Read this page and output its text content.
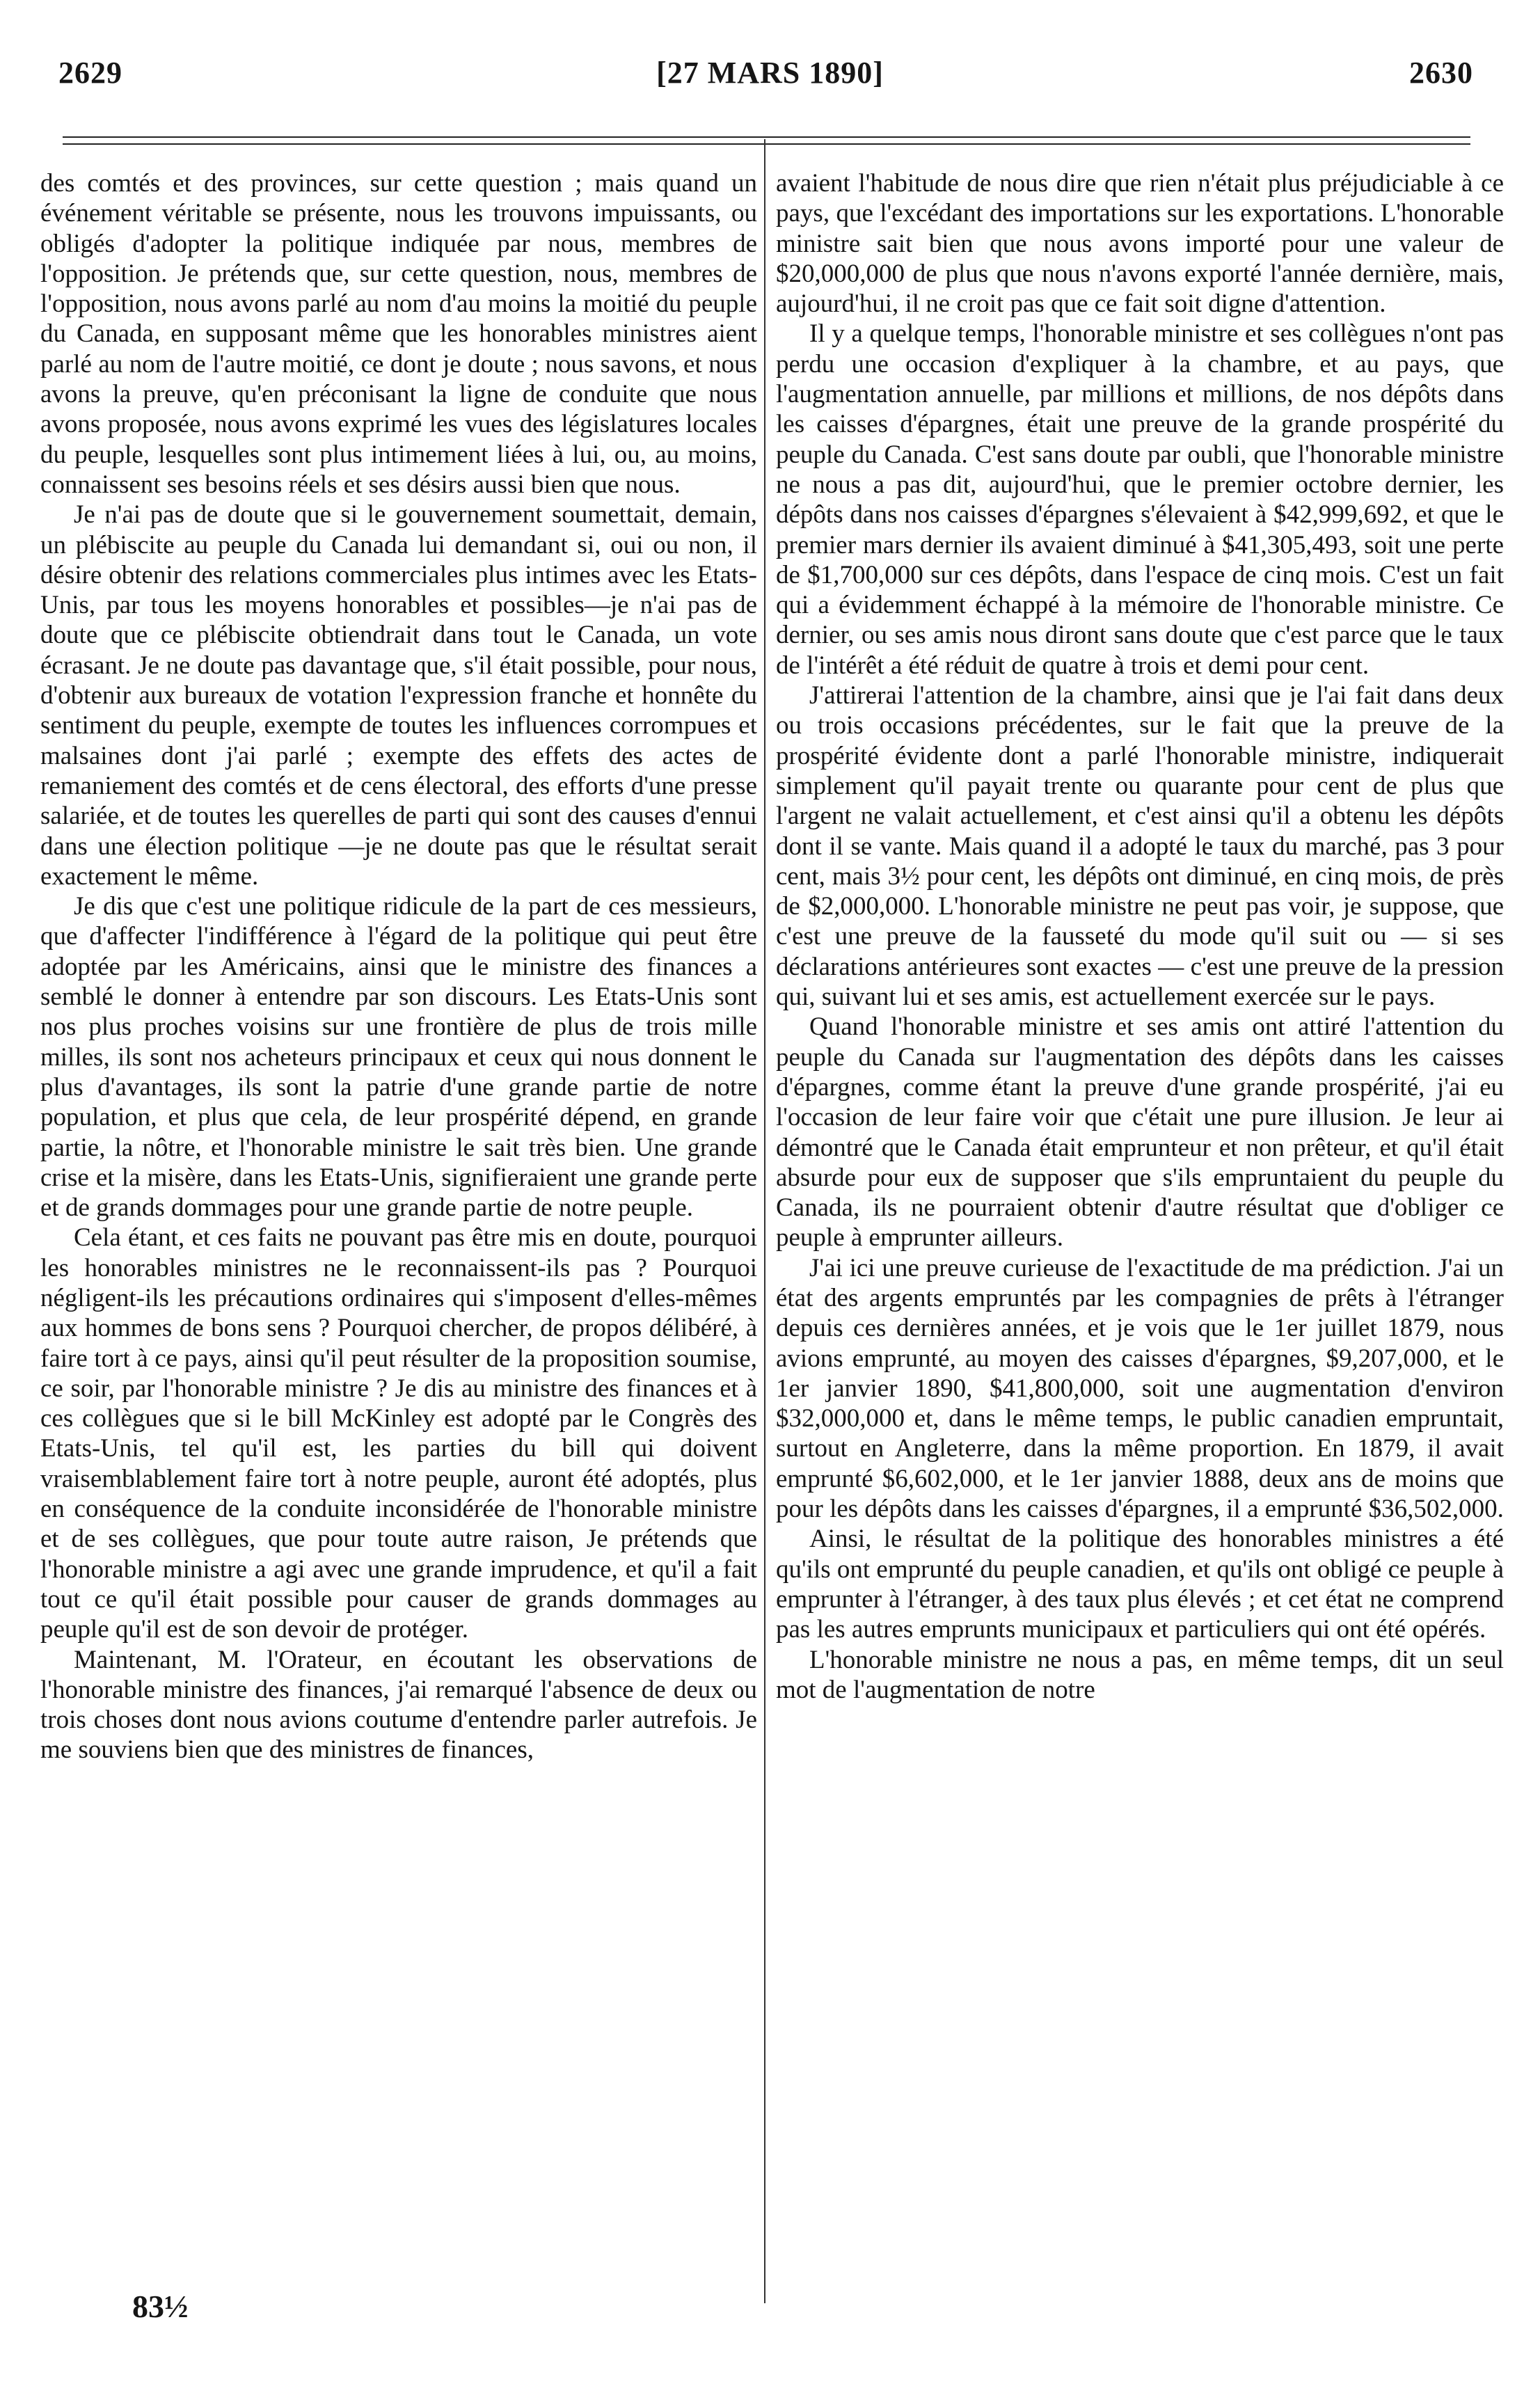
2629	[27 MARS 1890]	2630

des comtés et des provinces, sur cette question ; mais quand un événement véritable se présente, nous les trouvons impuissants, ou obligés d'adopter la politique indiquée par nous, membres de l'opposition. Je prétends que, sur cette question, nous, membres de l'opposition, nous avons parlé au nom d'au moins la moitié du peuple du Canada, en supposant même que les honorables ministres aient parlé au nom de l'autre moitié, ce dont je doute ; nous savons, et nous avons la preuve, qu'en préconisant la ligne de conduite que nous avons proposée, nous avons exprimé les vues des législatures locales du peuple, lesquelles sont plus intimement liées à lui, ou, au moins, connaissent ses besoins réels et ses désirs aussi bien que nous.

Je n'ai pas de doute que si le gouvernement soumettait, demain, un plébiscite au peuple du Canada lui demandant si, oui ou non, il désire obtenir des relations commerciales plus intimes avec les Etats-Unis, par tous les moyens honorables et possibles—je n'ai pas de doute que ce plébiscite obtiendrait dans tout le Canada, un vote écrasant. Je ne doute pas davantage que, s'il était possible, pour nous, d'obtenir aux bureaux de votation l'expression franche et honnête du sentiment du peuple, exempte de toutes les influences corrompues et malsaines dont j'ai parlé ; exempte des effets des actes de remaniement des comtés et de cens électoral, des efforts d'une presse salariée, et de toutes les querelles de parti qui sont des causes d'ennui dans une élection politique —je ne doute pas que le résultat serait exactement le même.

Je dis que c'est une politique ridicule de la part de ces messieurs, que d'affecter l'indifférence à l'égard de la politique qui peut être adoptée par les Américains, ainsi que le ministre des finances a semblé le donner à entendre par son discours. Les Etats-Unis sont nos plus proches voisins sur une frontière de plus de trois mille milles, ils sont nos acheteurs principaux et ceux qui nous donnent le plus d'avantages, ils sont la patrie d'une grande partie de notre population, et plus que cela, de leur prospérité dépend, en grande partie, la nôtre, et l'honorable ministre le sait très bien. Une grande crise et la misère, dans les Etats-Unis, signifieraient une grande perte et de grands dommages pour une grande partie de notre peuple.

Cela étant, et ces faits ne pouvant pas être mis en doute, pourquoi les honorables ministres ne le reconnaissent-ils pas ? Pourquoi négligent-ils les précautions ordinaires qui s'imposent d'elles-mêmes aux hommes de bons sens ? Pourquoi chercher, de propos délibéré, à faire tort à ce pays, ainsi qu'il peut résulter de la proposition soumise, ce soir, par l'honorable ministre ? Je dis au ministre des finances et à ces collègues que si le bill McKinley est adopté par le Congrès des Etats-Unis, tel qu'il est, les parties du bill qui doivent vraisemblablement faire tort à notre peuple, auront été adoptés, plus en conséquence de la conduite inconsidérée de l'honorable ministre et de ses collègues, que pour toute autre raison, Je prétends que l'honorable ministre a agi avec une grande imprudence, et qu'il a fait tout ce qu'il était possible pour causer de grands dommages au peuple qu'il est de son devoir de protéger.

Maintenant, M. l'Orateur, en écoutant les observations de l'honorable ministre des finances, j'ai remarqué l'absence de deux ou trois choses dont nous avions coutume d'entendre parler autrefois. Je me souviens bien que des ministres de finances,

avaient l'habitude de nous dire que rien n'était plus préjudiciable à ce pays, que l'excédant des importations sur les exportations. L'honorable ministre sait bien que nous avons importé pour une valeur de $20,000,000 de plus que nous n'avons exporté l'année dernière, mais, aujourd'hui, il ne croit pas que ce fait soit digne d'attention.

Il y a quelque temps, l'honorable ministre et ses collègues n'ont pas perdu une occasion d'expliquer à la chambre, et au pays, que l'augmentation annuelle, par millions et millions, de nos dépôts dans les caisses d'épargnes, était une preuve de la grande prospérité du peuple du Canada. C'est sans doute par oubli, que l'honorable ministre ne nous a pas dit, aujourd'hui, que le premier octobre dernier, les dépôts dans nos caisses d'épargnes s'élevaient à $42,999,692, et que le premier mars dernier ils avaient diminué à $41,305,493, soit une perte de $1,700,000 sur ces dépôts, dans l'espace de cinq mois. C'est un fait qui a évidemment échappé à la mémoire de l'honorable ministre. Ce dernier, ou ses amis nous diront sans doute que c'est parce que le taux de l'intérêt a été réduit de quatre à trois et demi pour cent.

J'attirerai l'attention de la chambre, ainsi que je l'ai fait dans deux ou trois occasions précédentes, sur le fait que la preuve de la prospérité évidente dont a parlé l'honorable ministre, indiquerait simplement qu'il payait trente ou quarante pour cent de plus que l'argent ne valait actuellement, et c'est ainsi qu'il a obtenu les dépôts dont il se vante. Mais quand il a adopté le taux du marché, pas 3 pour cent, mais 3½ pour cent, les dépôts ont diminué, en cinq mois, de près de $2,000,000. L'honorable ministre ne peut pas voir, je suppose, que c'est une preuve de la fausseté du mode qu'il suit ou — si ses déclarations antérieures sont exactes — c'est une preuve de la pression qui, suivant lui et ses amis, est actuellement exercée sur le pays.

Quand l'honorable ministre et ses amis ont attiré l'attention du peuple du Canada sur l'augmentation des dépôts dans les caisses d'épargnes, comme étant la preuve d'une grande prospérité, j'ai eu l'occasion de leur faire voir que c'était une pure illusion. Je leur ai démontré que le Canada était emprunteur et non prêteur, et qu'il était absurde pour eux de supposer que s'ils empruntaient du peuple du Canada, ils ne pourraient obtenir d'autre résultat que d'obliger ce peuple à emprunter ailleurs.

J'ai ici une preuve curieuse de l'exactitude de ma prédiction. J'ai un état des argents empruntés par les compagnies de prêts à l'étranger depuis ces dernières années, et je vois que le 1er juillet 1879, nous avions emprunté, au moyen des caisses d'épargnes, $9,207,000, et le 1er janvier 1890, $41,800,000, soit une augmentation d'environ $32,000,000 et, dans le même temps, le public canadien empruntait, surtout en Angleterre, dans la même proportion. En 1879, il avait emprunté $6,602,000, et le 1er janvier 1888, deux ans de moins que pour les dépôts dans les caisses d'épargnes, il a emprunté $36,502,000.

Ainsi, le résultat de la politique des honorables ministres a été qu'ils ont emprunté du peuple canadien, et qu'ils ont obligé ce peuple à emprunter à l'étranger, à des taux plus élevés ; et cet état ne comprend pas les autres emprunts municipaux et particuliers qui ont été opérés.

L'honorable ministre ne nous a pas, en même temps, dit un seul mot de l'augmentation de notre

83½
